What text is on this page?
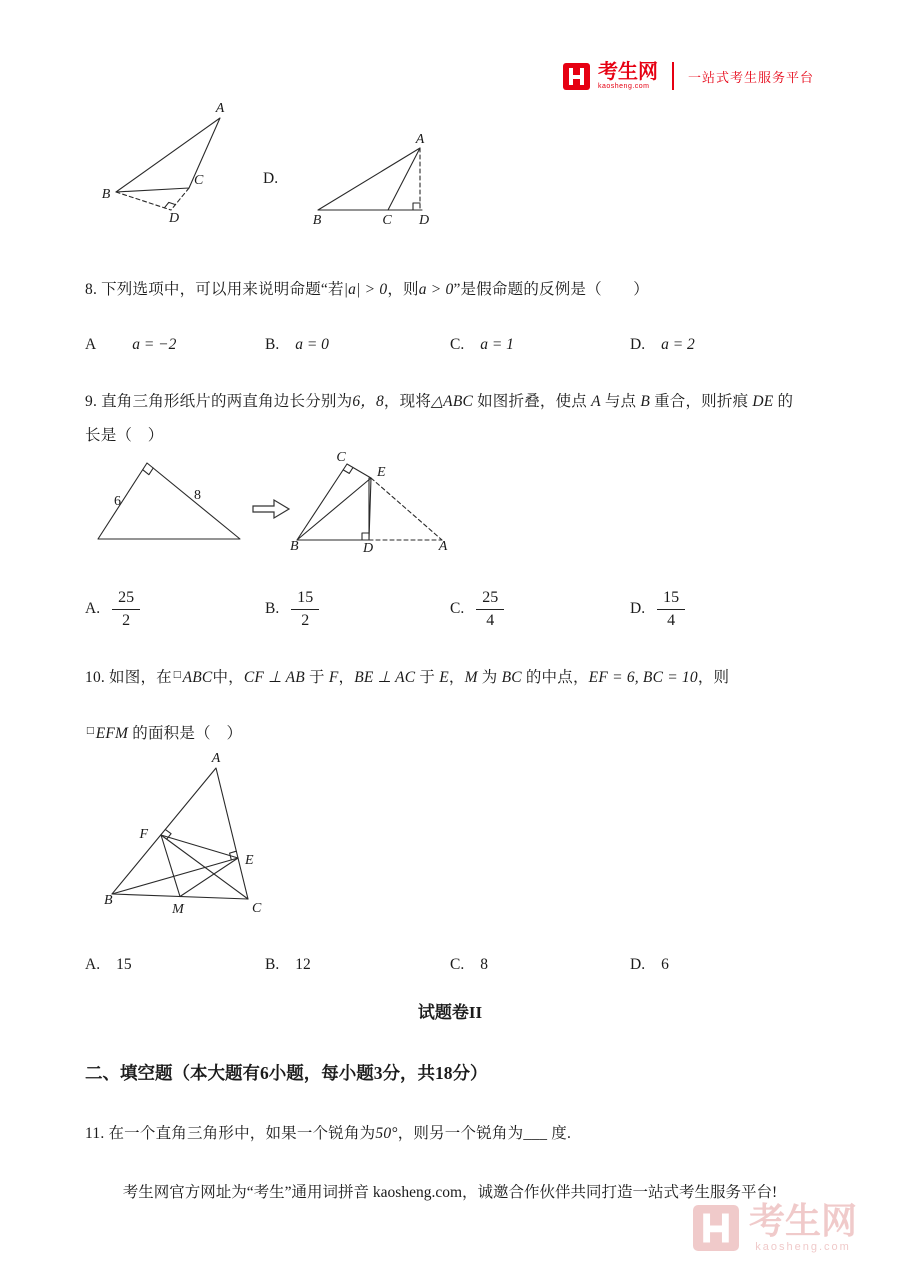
考生网
kaosheng.com
一站式考生服务平台
A
B
C
D
D.
A
B	C D
8. 下列选项中，可以用来说明命题“若|a| > 0，则a > 0”是假命题的反例是（　　）
A a = −2	B. a = 0	C. a = 1	D. a = 2
9. 直角三角形纸片的两直角边长分别为6，8，现将△ABC 如图折叠，使点 A 与点 B 重合，则折痕 DE 的
长是（　）
6	8
C
E
B	D	A
A. $\frac{25}{2}$	B. $\frac{15}{2}$	C. $\frac{25}{4}$	D. $\frac{15}{4}$
10. 如图，在□ABC中，CF ⊥ AB 于 F，BE ⊥ AC 于 E，M 为 BC 的中点，EF = 6, BC = 10，则
□EFM 的面积是（　）
A
F
E
B
M	C
A. 15	B. 12	C. 8	D. 6
试题卷II
二、填空题（本大题有6小题，每小题3分，共18分）
11. 在一个直角三角形中，如果一个锐角为50°，则另一个锐角为___ 度.
考生网官方网址为“考生”通用词拼音 kaosheng.com，诚邀合作伙伴共同打造一站式考生服务平台!
考生网
kaosheng.com
